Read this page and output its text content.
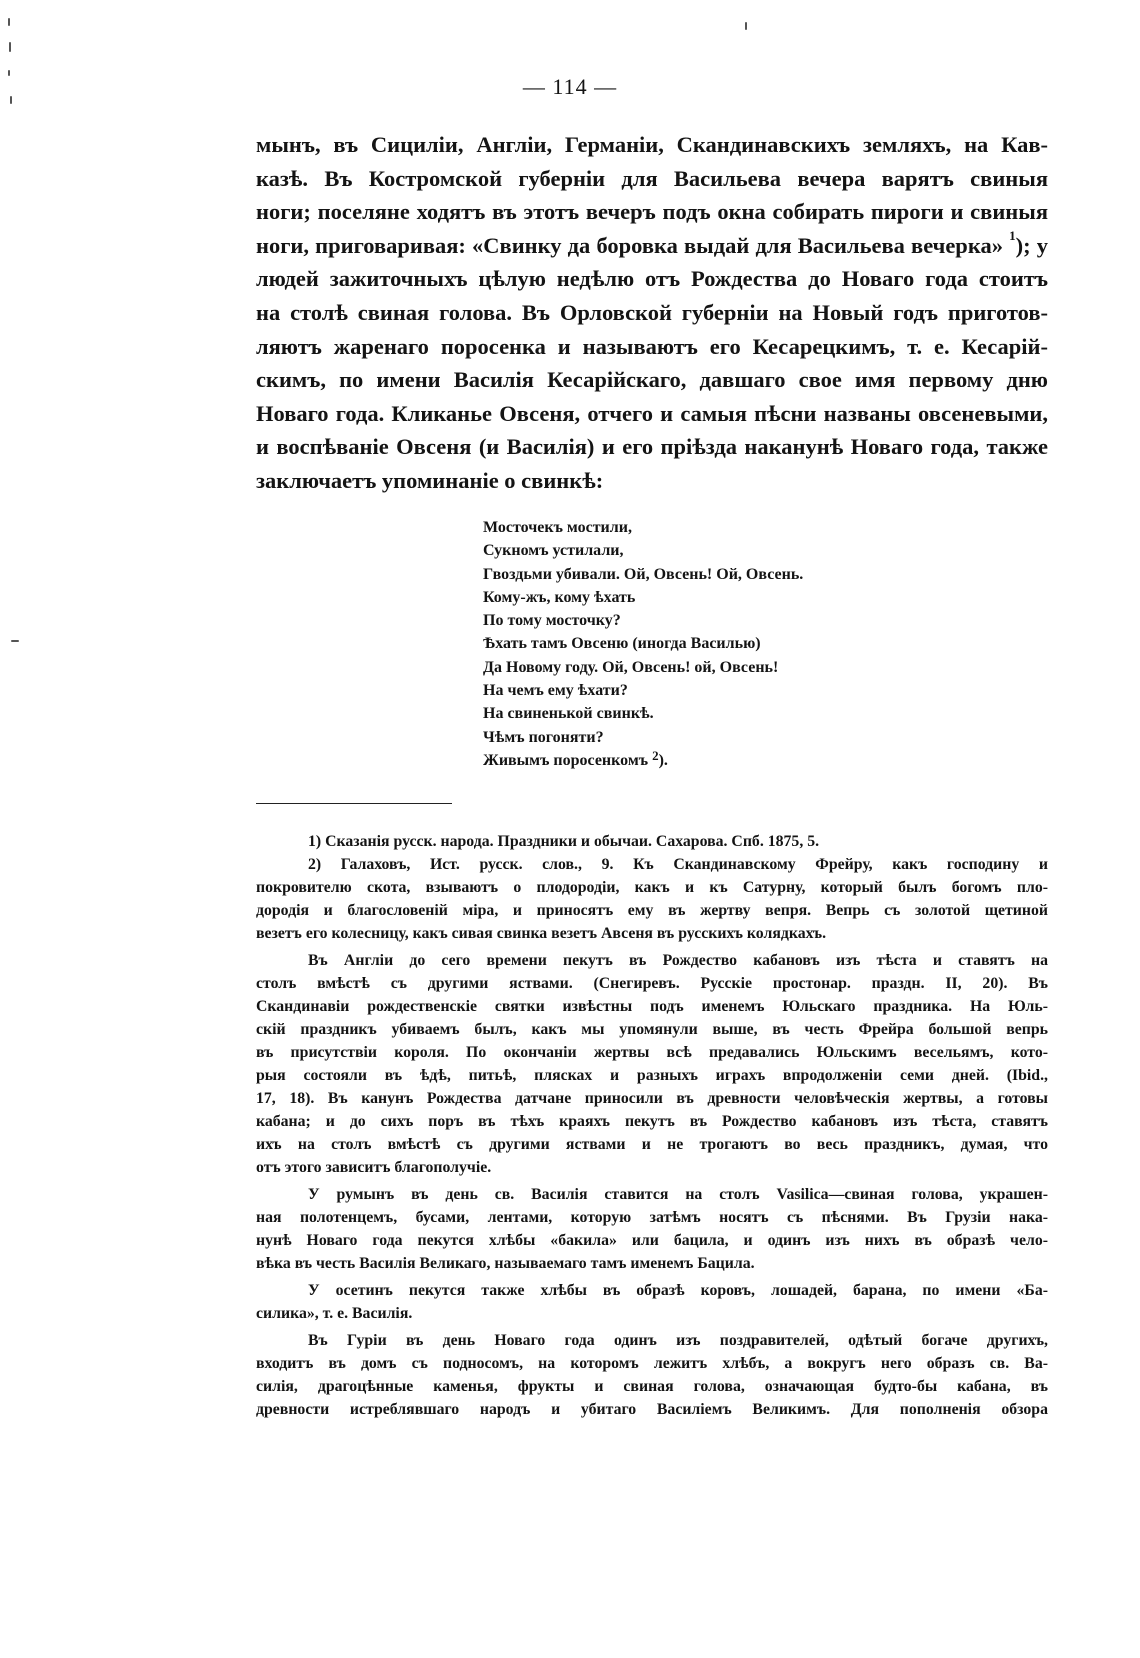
— 114 —
мынъ, въ Сициліи, Англіи, Германіи, Скандинавскихъ земляхъ, на Кав-
казѣ. Въ Костромской губерніи для Васильева вечера варятъ свиныя
ноги; поселяне ходятъ въ этотъ вечеръ подъ окна собирать пироги и свиныя
ноги, приговаривая: «Свинку да боровка выдай для Васильева вечерка» $^1$); у
людей зажиточныхъ цѣлую недѣлю отъ Рождества до Новаго года стоитъ
на столѣ свиная голова. Въ Орловской губерніи на Новый годъ приготов-
ляютъ жаренаго поросенка и называютъ его Кесарецкимъ, т. е. Кесарій-
скимъ, по имени Василія Кесарійскаго, давшаго свое имя первому дню
Новаго года. Кликанье Овсеня, отчего и самыя пѣсни названы овсеневыми,
и воспѣваніе Овсеня (и Василія) и его пріѣзда наканунѣ Новаго года, также
заключаетъ упоминаніе о свинкѣ:
Мосточекъ мостили,
Сукномъ устилали,
Гвоздьми убивали. Ой, Овсень! Ой, Овсень.
Кому-жъ, кому ѣхать
По тому мосточку?
Ѣхать тамъ Овсеню (иногда Василью)
Да Новому году. Ой, Овсень! ой, Овсень!
На чемъ ему ѣхати?
На свиненькой свинкѣ.
Чѣмъ погоняти?
Живымъ поросенкомъ $^2$).
1) Сказанія русск. народа. Праздники и обычаи. Сахарова. Спб. 1875, 5.
2) Галаховъ, Ист. русск. слов., 9. Къ Скандинавскому Фрейру, какъ господину и
покровителю скота, взываютъ о плодородіи, какъ и къ Сатурну, который былъ богомъ пло-
дородія и благословеній міра, и приносятъ ему въ жертву вепря. Вепрь съ золотой щетиной
везетъ его колесницу, какъ сивая свинка везетъ Авсеня въ русскихъ колядкахъ.
Въ Англіи до сего времени пекутъ въ Рождество кабановъ изъ тѣста и ставятъ на
столъ вмѣстѣ съ другими яствами. (Снегиревъ. Русскіе простонар. праздн. II, 20). Въ
Скандинавіи рождественскіе святки извѣстны подъ именемъ Юльскаго праздника. На Юль-
скій праздникъ убиваемъ былъ, какъ мы упомянули выше, въ честь Фрейра большой вепрь
въ присутствіи короля. По окончаніи жертвы всѣ предавались Юльскимъ весельямъ, кото-
рыя состояли въ ѣдѣ, питьѣ, плясках и разныхъ играхъ впродолженіи семи дней. (Ibid.,
17, 18). Въ канунъ Рождества датчане приносили въ древности человѣческія жертвы, а готовы
кабана; и до сихъ поръ въ тѣхъ краяхъ пекутъ въ Рождество кабановъ изъ тѣста, ставятъ
ихъ на столъ вмѣстѣ съ другими яствами и не трогаютъ во весь праздникъ, думая, что
отъ этого зависитъ благополучіе.
У румынъ въ день св. Василія ставится на столъ Vasilica—свиная голова, украшен-
ная полотенцемъ, бусами, лентами, которую затѣмъ носятъ съ пѣснями. Въ Грузіи нака-
нунѣ Новаго года пекутся хлѣбы «бакила» или бацила, и одинъ изъ нихъ въ образѣ чело-
вѣка въ честь Василія Великаго, называемаго тамъ именемъ Бацила.
У осетинъ пекутся также хлѣбы въ образѣ коровъ, лошадей, барана, по имени «Ба-
силика», т. е. Василія.
Въ Гуріи въ день Новаго года одинъ изъ поздравителей, одѣтый богаче другихъ,
входитъ въ домъ съ подносомъ, на которомъ лежитъ хлѣбъ, а вокругъ него образъ св. Ва-
силія, драгоцѣнные каменья, фрукты и свиная голова, означающая будто-бы кабана, въ
древности истреблявшаго народъ и убитаго Василіемъ Великимъ. Для пополненія обзора
